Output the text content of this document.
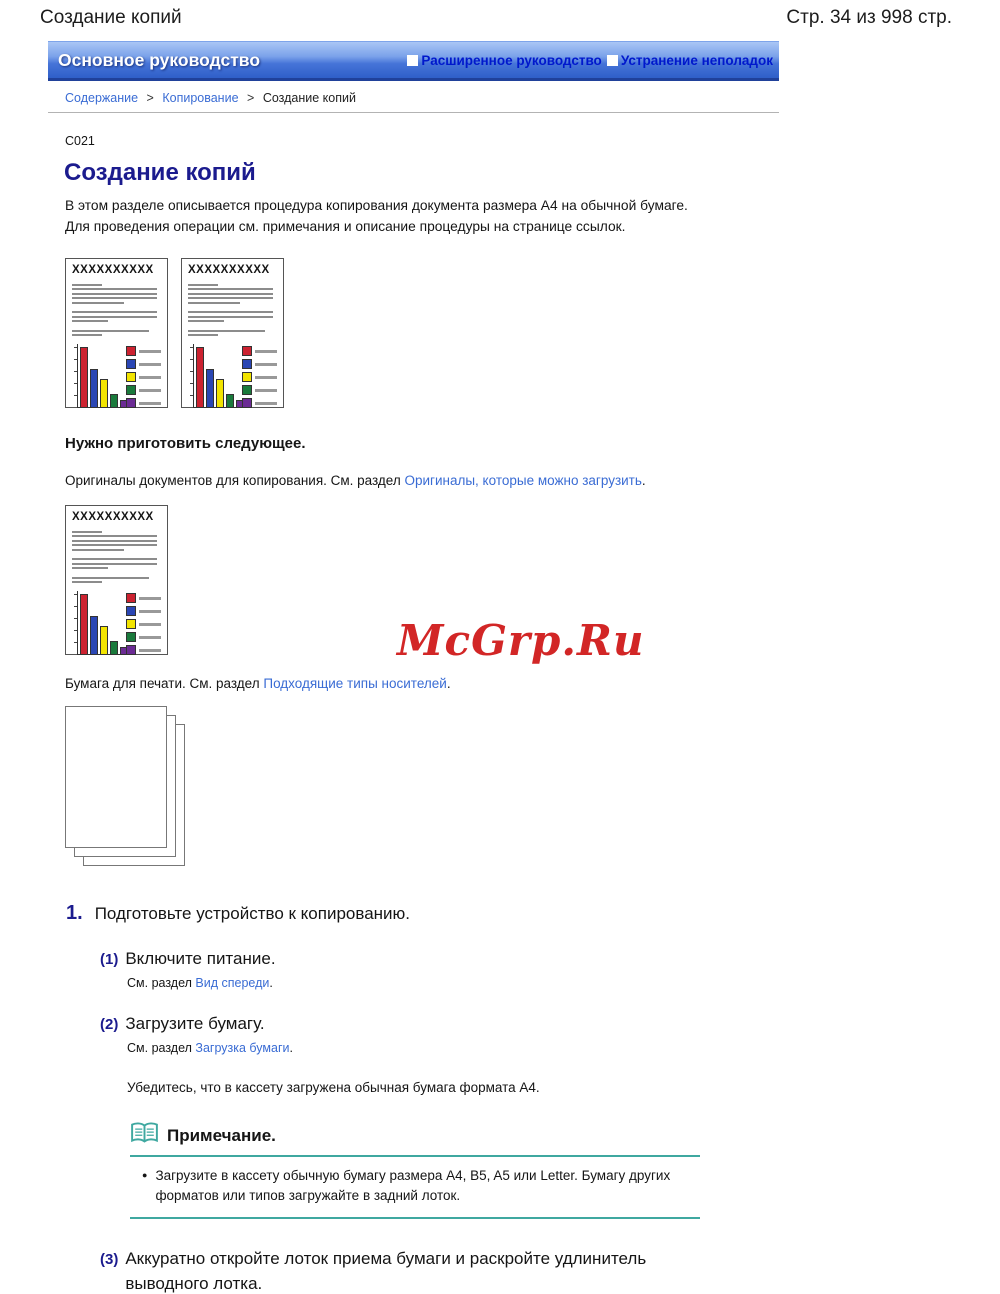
Создание копий	Стр. 34 из 998 стр.
Основное руководство	Расширенное руководство Устранение неполадок
Содержание > Копирование > Создание копий
C021
Создание копий
В этом разделе описывается процедура копирования документа размера A4 на обычной бумаге.
Для проведения операции см. примечания и описание процедуры на странице ссылок.
XXXXXXXXXX	XXXXXXXXXX
Нужно приготовить следующее.
Оригиналы документов для копирования. См. раздел Оригиналы, которые можно загрузить.
XXXXXXXXXX
Бумага для печати. См. раздел Подходящие типы носителей.
McGrp.Ru
1. Подготовьте устройство к копированию.
(1) Включите питание.
См. раздел Вид спереди.
(2) Загрузите бумагу.
См. раздел Загрузка бумаги.
Убедитесь, что в кассету загружена обычная бумага формата A4.
Примечание.
● Загрузите в кассету обычную бумагу размера A4, B5, A5 или Letter. Бумагу других форматов или типов загружайте в задний лоток.
(3) Аккуратно откройте лоток приема бумаги и раскройте удлинитель выводного лотка.
